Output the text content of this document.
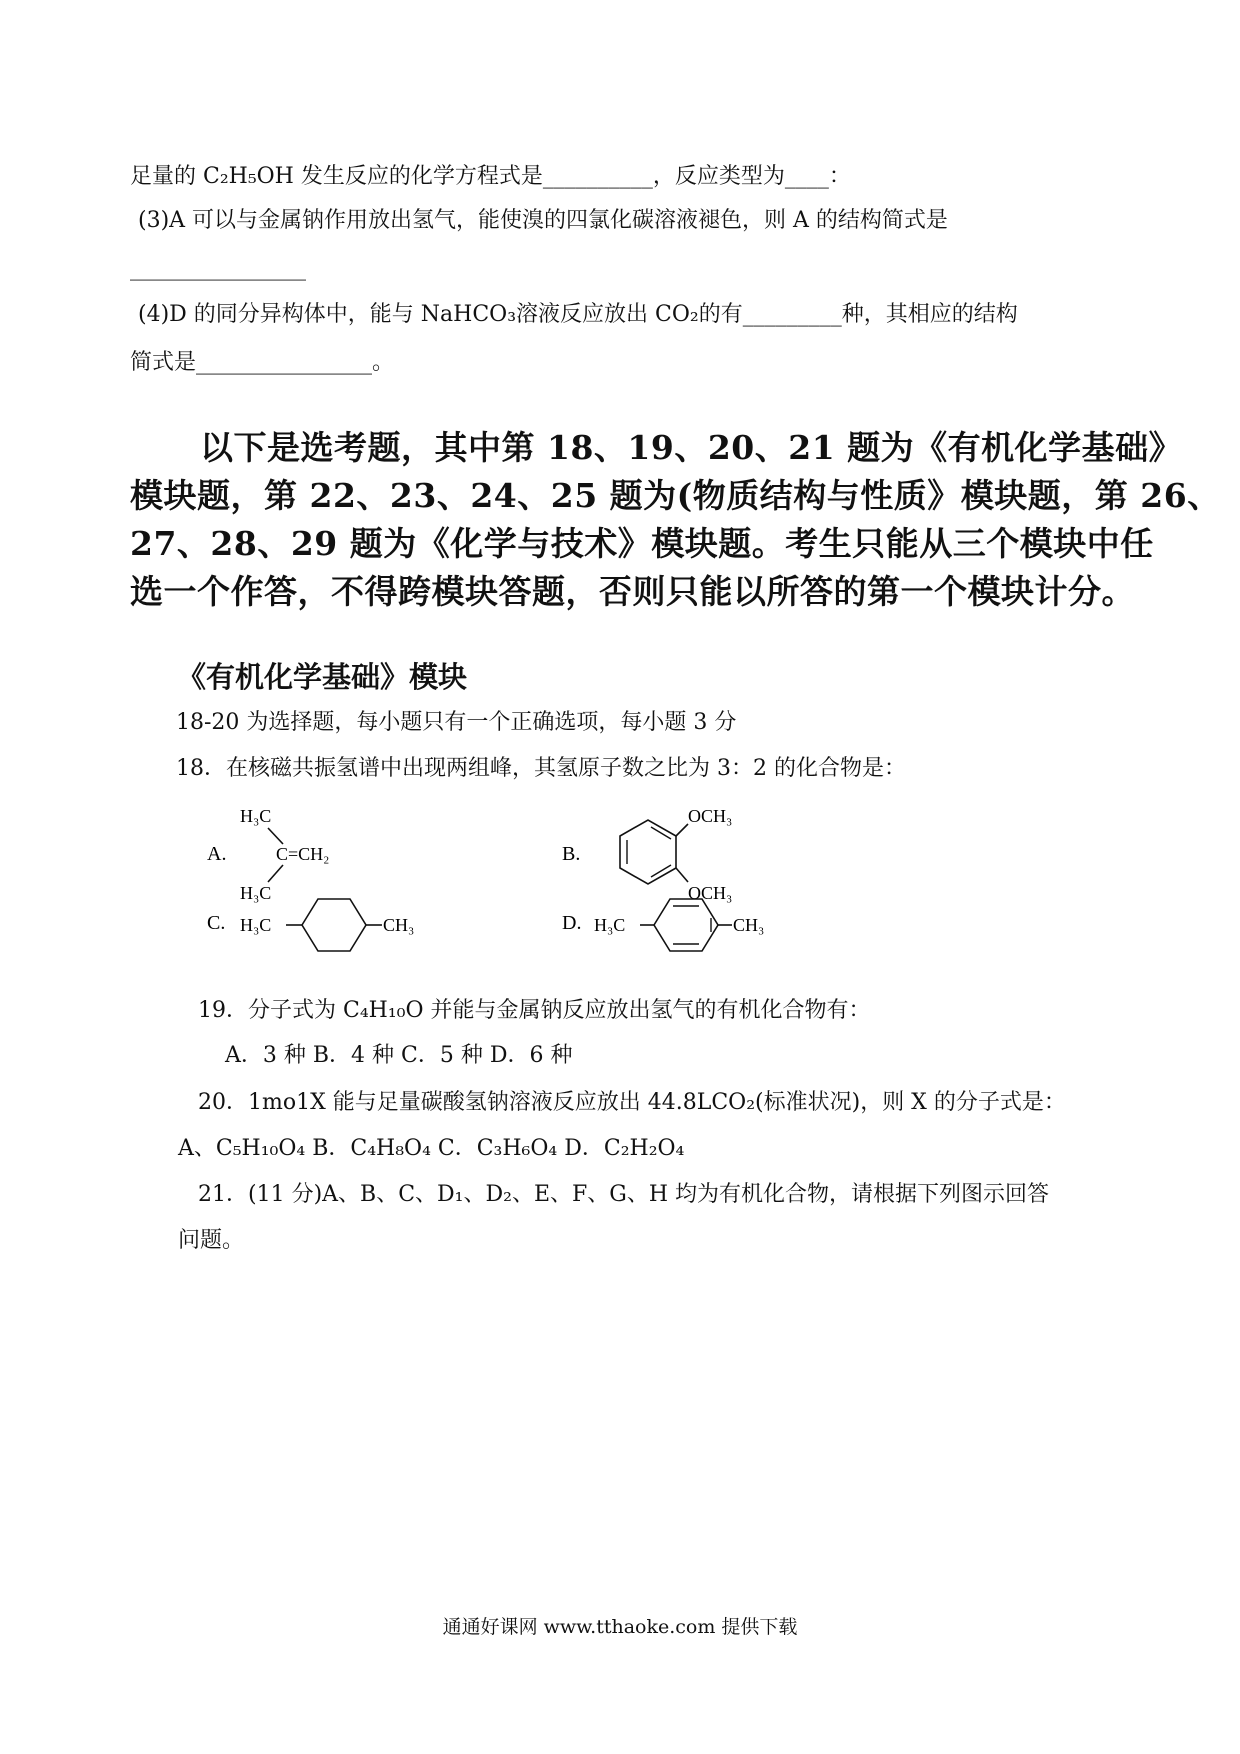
足量的 C₂H₅OH 发生反应的化学方程式是__________，反应类型为____：
(3)A 可以与金属钠作用放出氢气，能使溴的四氯化碳溶液褪色，则 A 的结构简式是
________________
(4)D 的同分异构体中，能与 NaHCO₃溶液反应放出 CO₂的有_________种，其相应的结构
简式是________________。
以下是选考题，其中第 18、19、20、21 题为《有机化学基础》
模块题，第 22、23、24、25 题为(物质结构与性质》模块题，第 26、
27、28、29 题为《化学与技术》模块题。考生只能从三个模块中任
选一个作答，不得跨模块答题，否则只能以所答的第一个模块计分。
《有机化学基础》模块
18-20 为选择题，每小题只有一个正确选项，每小题 3 分
18．在核磁共振氢谱中出现两组峰，其氢原子数之比为 3：2 的化合物是：
A.
H₃C
C=CH₂
H₃C
B.
OCH₃
OCH₃
C. H₃C	CH₃	D. H₃C	CH₃
19．分子式为 C₄H₁₀O 并能与金属钠反应放出氢气的有机化合物有：
A．3 种 B．4 种 C．5 种 D．6 种
20．1mo1X 能与足量碳酸氢钠溶液反应放出 44.8LCO₂(标准状况)，则 X 的分子式是：
A、C₅H₁₀O₄ B．C₄H₈O₄ C．C₃H₆O₄ D．C₂H₂O₄
21．(11 分)A、B、C、D₁、D₂、E、F、G、H 均为有机化合物，请根据下列图示回答
问题。
通通好课网 www.tthaoke.com 提供下载
